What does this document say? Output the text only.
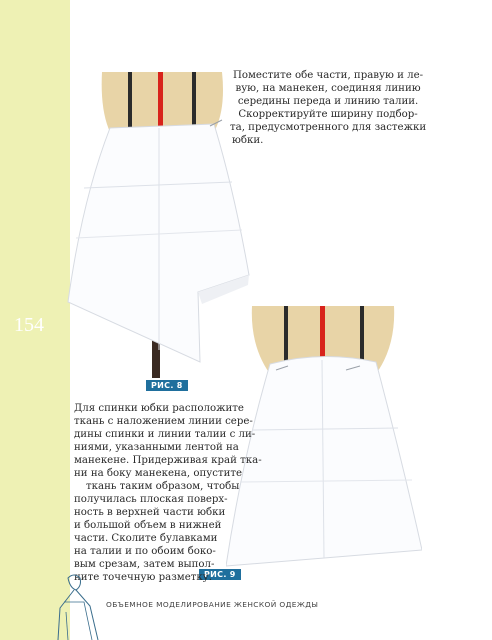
154
РИС. 8
Поместите обе части, правую и ле-
вую, на манекен, соединяя линию
середины переда и линию талии.
Скорректируйте ширину подбор-
та, предусмотренного для застежки
юбки.
РИС. 9
Для спинки юбки расположите
ткань с наложением линии сере-
дины спинки и линии талии с ли-
ниями, указанными лентой на
манекене. Придерживая край тка-
ни на боку манекена, опустите
ткань таким образом, чтобы
получилась плоская поверх-
ность в верхней части юбки
и большой объем в нижней
части. Сколите булавками
на талии и по обоим боко-
вым срезам, затем выпол-
ните точечную разметку.
ОБЪЕМНОЕ МОДЕЛИРОВАНИЕ ЖЕНСКОЙ ОДЕЖДЫ
